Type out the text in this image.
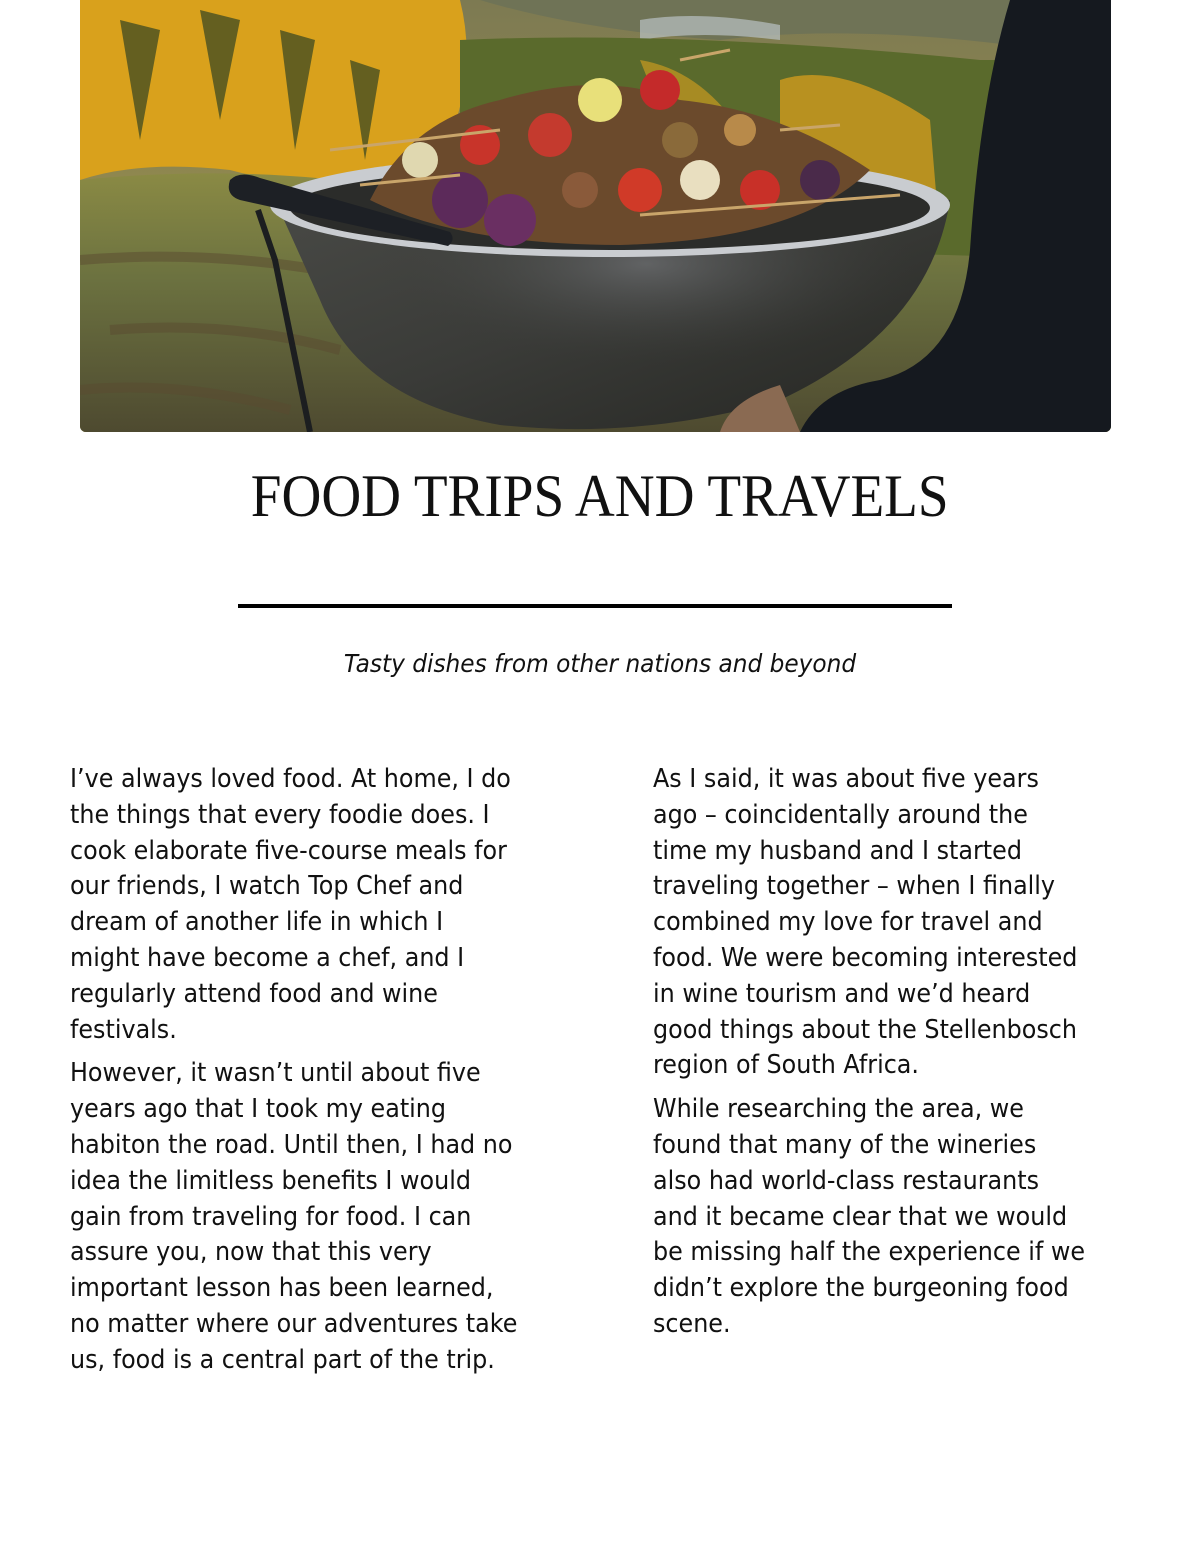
FOOD TRIPS AND TRAVELS
Tasty dishes from other nations and beyond

I’ve always loved food. At home, I do
the things that every foodie does. I
cook elaborate five-course meals for
our friends, I watch Top Chef and
dream of another life in which I
might have become a chef, and I
regularly attend food and wine
festivals.

However, it wasn’t until about five
years ago that I took my eating
habiton the road. Until then, I had no
idea the limitless benefits I would
gain from traveling for food. I can
assure you, now that this very
important lesson has been learned,
no matter where our adventures take
us, food is a central part of the trip.

As I said, it was about five years
ago – coincidentally around the
time my husband and I started
traveling together – when I finally
combined my love for travel and
food. We were becoming interested
in wine tourism and we’d heard
good things about the Stellenbosch
region of South Africa.

While researching the area, we
found that many of the wineries
also had world-class restaurants
and it became clear that we would
be missing half the experience if we
didn’t explore the burgeoning food
scene.
